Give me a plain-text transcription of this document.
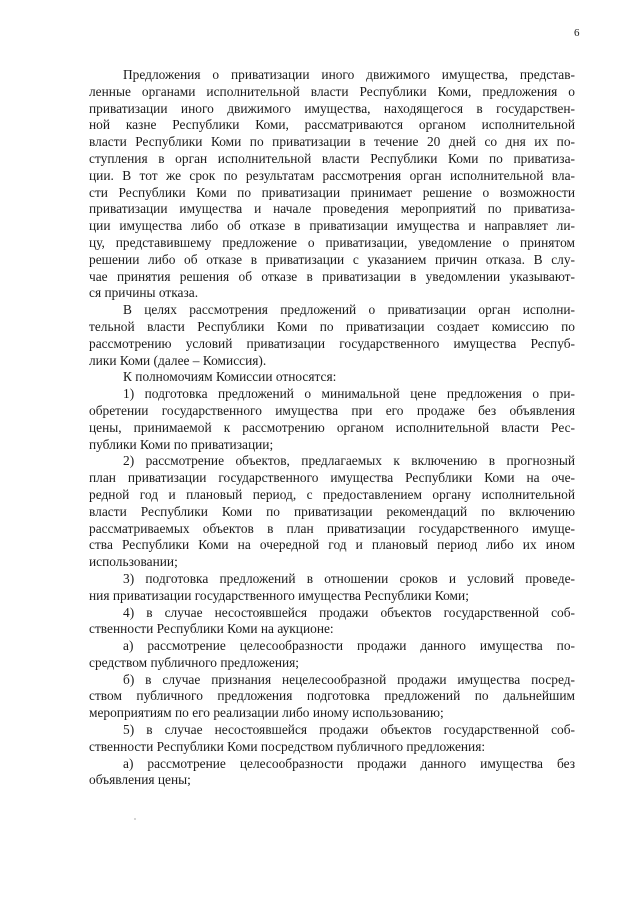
6
Предложения о приватизации иного движимого имущества, представ-
ленные органами исполнительной власти Республики Коми, предложения о
приватизации иного движимого имущества, находящегося в государствен-
ной казне Республики Коми, рассматриваются органом исполнительной
власти Республики Коми по приватизации в течение 20 дней со дня их по-
ступления в орган исполнительной власти Республики Коми по приватиза-
ции. В тот же срок по результатам рассмотрения орган исполнительной вла-
сти Республики Коми по приватизации принимает решение о возможности
приватизации имущества и начале проведения мероприятий по приватиза-
ции имущества либо об отказе в приватизации имущества и направляет ли-
цу, представившему предложение о приватизации, уведомление о принятом
решении либо об отказе в приватизации с указанием причин отказа. В слу-
чае принятия решения об отказе в приватизации в уведомлении указывают-
ся причины отказа.
В целях рассмотрения предложений о приватизации орган исполни-
тельной власти Республики Коми по приватизации создает комиссию по
рассмотрению условий приватизации государственного имущества Респуб-
лики Коми (далее – Комиссия).
К полномочиям Комиссии относятся:
1) подготовка предложений о минимальной цене предложения о при-
обретении государственного имущества при его продаже без объявления
цены, принимаемой к рассмотрению органом исполнительной власти Рес-
публики Коми по приватизации;
2) рассмотрение объектов, предлагаемых к включению в прогнозный
план приватизации государственного имущества Республики Коми на оче-
редной год и плановый период, с предоставлением органу исполнительной
власти Республики Коми по приватизации рекомендаций по включению
рассматриваемых объектов в план приватизации государственного имуще-
ства Республики Коми на очередной год и плановый период либо их ином
использовании;
3) подготовка предложений в отношении сроков и условий проведе-
ния приватизации государственного имущества Республики Коми;
4) в случае несостоявшейся продажи объектов государственной соб-
ственности Республики Коми на аукционе:
а) рассмотрение целесообразности продажи данного имущества по-
средством публичного предложения;
б) в случае признания нецелесообразной продажи имущества посред-
ством публичного предложения подготовка предложений по дальнейшим
мероприятиям по его реализации либо иному использованию;
5) в случае несостоявшейся продажи объектов государственной соб-
ственности Республики Коми посредством публичного предложения:
а) рассмотрение целесообразности продажи данного имущества без
объявления цены;
